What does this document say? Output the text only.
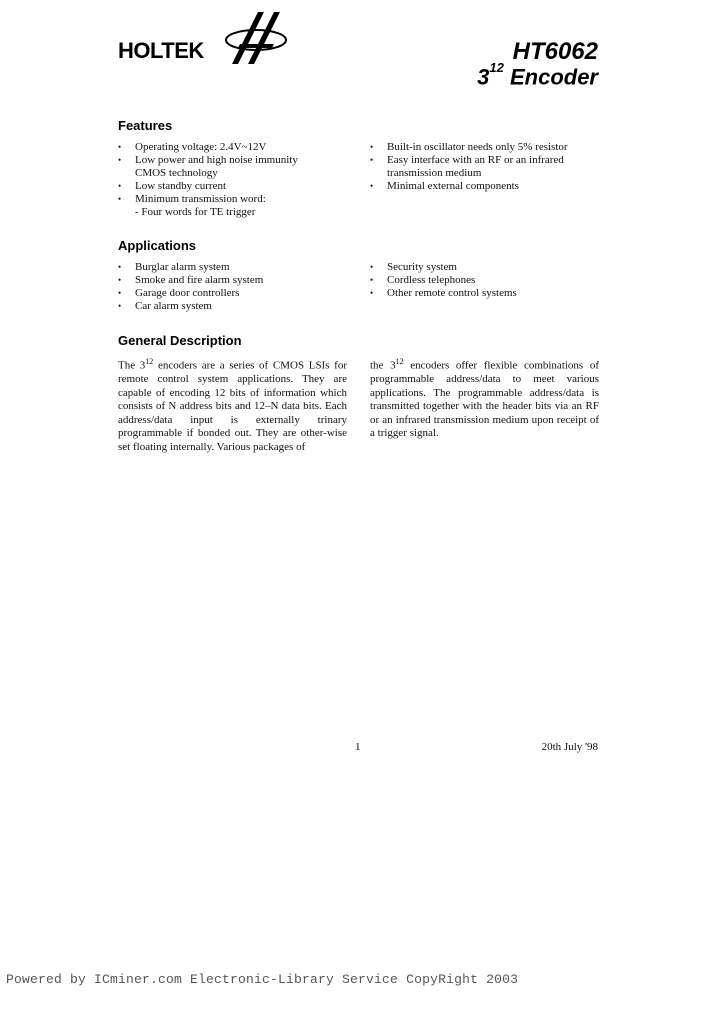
HOLTEK	HT6062
$3^{12}$ Encoder
Features
• Operating voltage: 2.4V~12V
• Low power and high noise immunity
CMOS technology
• Low standby current
• Minimum transmission word:
- Four words for TE trigger
• Built-in oscillator needs only 5% resistor
• Easy interface with an RF or an infrared
transmission medium
• Minimal external components
Applications
• Burglar alarm system
• Smoke and fire alarm system
• Garage door controllers
• Car alarm system
• Security system
• Cordless telephones
• Other remote control systems
General Description
The $3^{12}$ encoders are a series of CMOS LSIs for remote control system applications. They are capable of encoding 12 bits of information which consists of N address bits and 12–N data bits. Each address/data input is externally trinary programmable if bonded out. They are other-wise set floating internally. Various packages of
the $3^{12}$ encoders offer flexible combinations of programmable address/data to meet various applications. The programmable address/data is transmitted together with the header bits via an RF or an infrared transmission medium upon receipt of a trigger signal.
1	20th July '98
Powered by ICminer.com Electronic-Library Service CopyRight 2003
